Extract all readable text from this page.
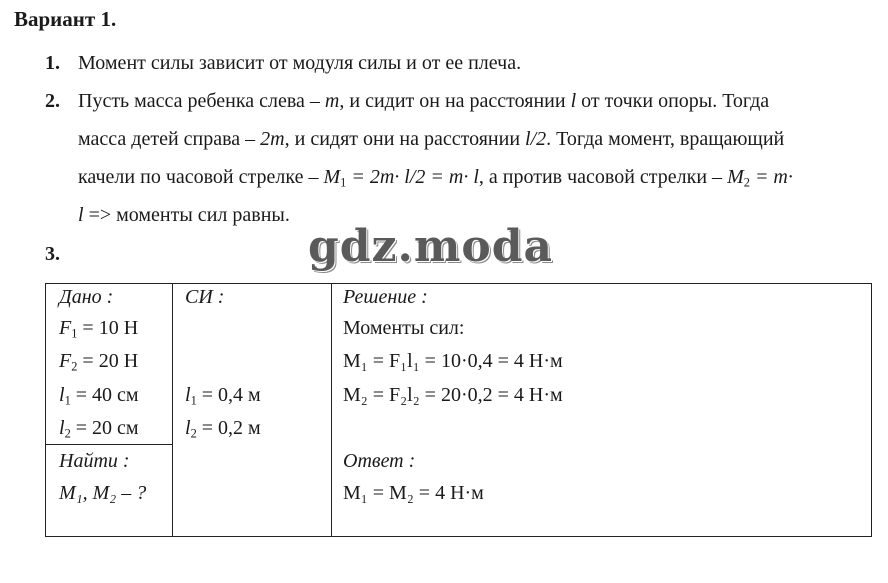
Вариант 1.
1. Момент силы зависит от модуля силы и от ее плеча.
2. Пусть масса ребенка слева – m, и сидит он на расстоянии l от точки опоры. Тогда
масса детей справа – 2m, и сидят они на расстоянии l/2. Тогда момент, вращающий
качели по часовой стрелке – $M_1 = 2m\cdot l/2 = m\cdot l$, а против часовой стрелки – $M_2 = m\cdot$
l => моменты сил равны.
3.	gdz.moda
Дано :
$F_1 = 10$ Н
$F_2 = 20$ Н
$l_1 = 40$ см
$l_2 = 20$ см
Найти :
M₁, M₂ – ?
СИ :
$l_1 = 0,4$ м
$l_2 = 0,2$ м
Решение :
Моменты сил:
M₁ = F₁l₁ = 10·0,4 = 4 Н·м
M₂ = F₂l₂ = 20·0,2 = 4 Н·м
Ответ :
M₁ = M₂ = 4 Н·м
